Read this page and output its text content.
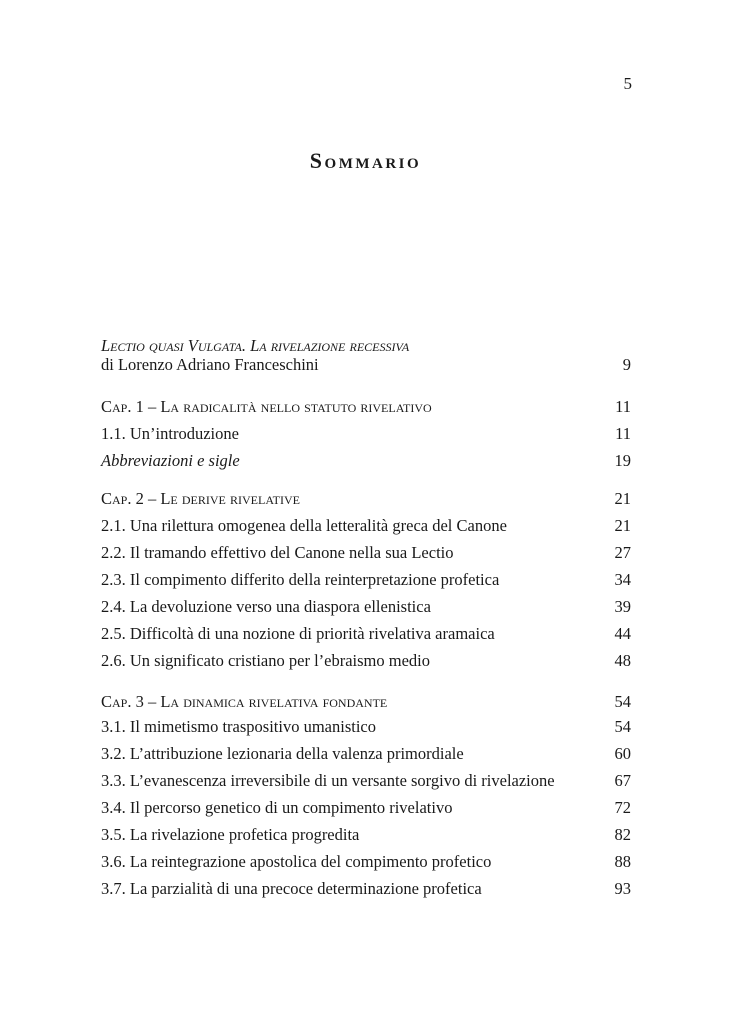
5
Sommario
Lectio quasi Vulgata. La rivelazione recessiva
di Lorenzo Adriano Franceschini	9
Cap. 1 – La radicalità nello statuto rivelativo	11
1.1. Un’introduzione	11
Abbreviazioni e sigle	19
Cap. 2 – Le derive rivelative	21
2.1. Una rilettura omogenea della letteralità greca del Canone	21
2.2. Il tramando effettivo del Canone nella sua Lectio	27
2.3. Il compimento differito della reinterpretazione profetica	34
2.4. La devoluzione verso una diaspora ellenistica	39
2.5. Difficoltà di una nozione di priorità rivelativa aramaica	44
2.6. Un significato cristiano per l’ebraismo medio	48
Cap. 3 – La dinamica rivelativa fondante	54
3.1. Il mimetismo traspositivo umanistico	54
3.2. L’attribuzione lezionaria della valenza primordiale	60
3.3. L’evanescenza irreversibile di un versante sorgivo di rivelazione	67
3.4. Il percorso genetico di un compimento rivelativo	72
3.5. La rivelazione profetica progredita	82
3.6. La reintegrazione apostolica del compimento profetico	88
3.7. La parzialità di una precoce determinazione profetica	93
